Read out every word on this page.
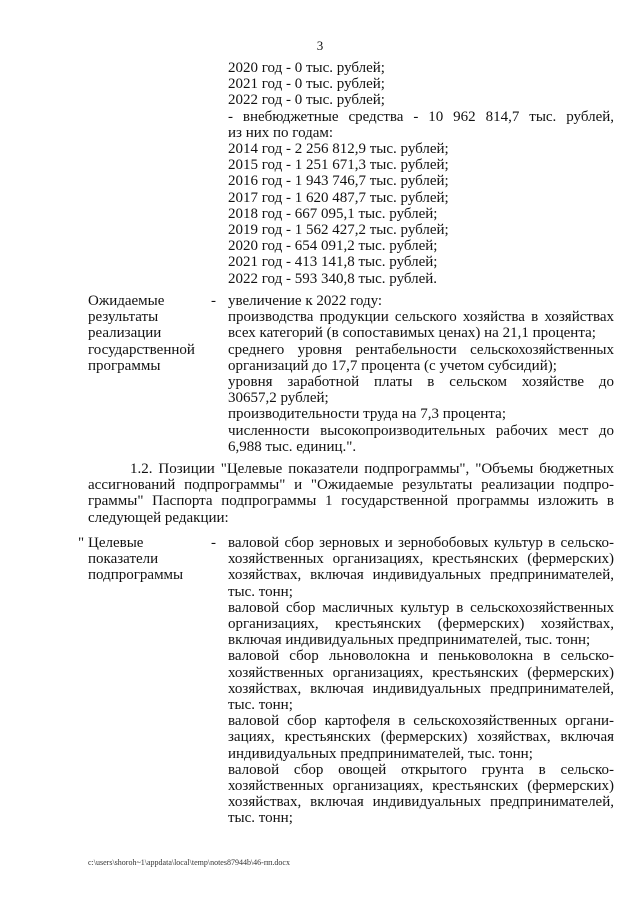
3
2020 год - 0 тыс. рублей;
2021 год - 0 тыс. рублей;
2022 год - 0 тыс. рублей;
- внебюджетные средства - 10 962 814,7 тыс. рублей,
из них по годам:
2014 год - 2 256 812,9 тыс. рублей;
2015 год - 1 251 671,3 тыс. рублей;
2016 год - 1 943 746,7 тыс. рублей;
2017 год - 1 620 487,7 тыс. рублей;
2018 год - 667 095,1 тыс. рублей;
2019 год - 1 562 427,2 тыс. рублей;
2020 год - 654 091,2 тыс. рублей;
2021 год - 413 141,8 тыс. рублей;
2022 год - 593 340,8 тыс. рублей.
Ожидаемые
результаты
реализации
государственной
программы
- увеличение к 2022 году:
производства продукции сельского хозяйства в хозяйствах
всех категорий (в сопоставимых ценах) на 21,1 процента;
среднего уровня рентабельности сельскохозяйственных
организаций до 17,7 процента (с учетом субсидий);
уровня заработной платы в сельском хозяйстве до
30657,2 рублей;
производительности труда на 7,3 процента;
численности высокопроизводительных рабочих мест до
6,988 тыс. единиц.".
1.2. Позиции "Целевые показатели подпрограммы", "Объемы бюджетных
ассигнований подпрограммы" и "Ожидаемые результаты реализации подпро-
граммы" Паспорта подпрограммы 1 государственной программы изложить в
следующей редакции:
" Целевые
показатели
подпрограммы
- валовой сбор зерновых и зернобобовых культур в сельско-
хозяйственных организациях, крестьянских (фермерских)
хозяйствах, включая индивидуальных предпринимателей,
тыс. тонн;
валовой сбор масличных культур в сельскохозяйственных
организациях, крестьянских (фермерских) хозяйствах,
включая индивидуальных предпринимателей, тыс. тонн;
валовой сбор льноволокна и пеньковолокна в сельско-
хозяйственных организациях, крестьянских (фермерских)
хозяйствах, включая индивидуальных предпринимателей,
тыс. тонн;
валовой сбор картофеля в сельскохозяйственных органи-
зациях, крестьянских (фермерских) хозяйствах, включая
индивидуальных предпринимателей, тыс. тонн;
валовой сбор овощей открытого грунта в сельско-
хозяйственных организациях, крестьянских (фермерских)
хозяйствах, включая индивидуальных предпринимателей,
тыс. тонн;
c:\users\shoroh~1\appdata\local\temp\notes87944b\46-пп.docx
